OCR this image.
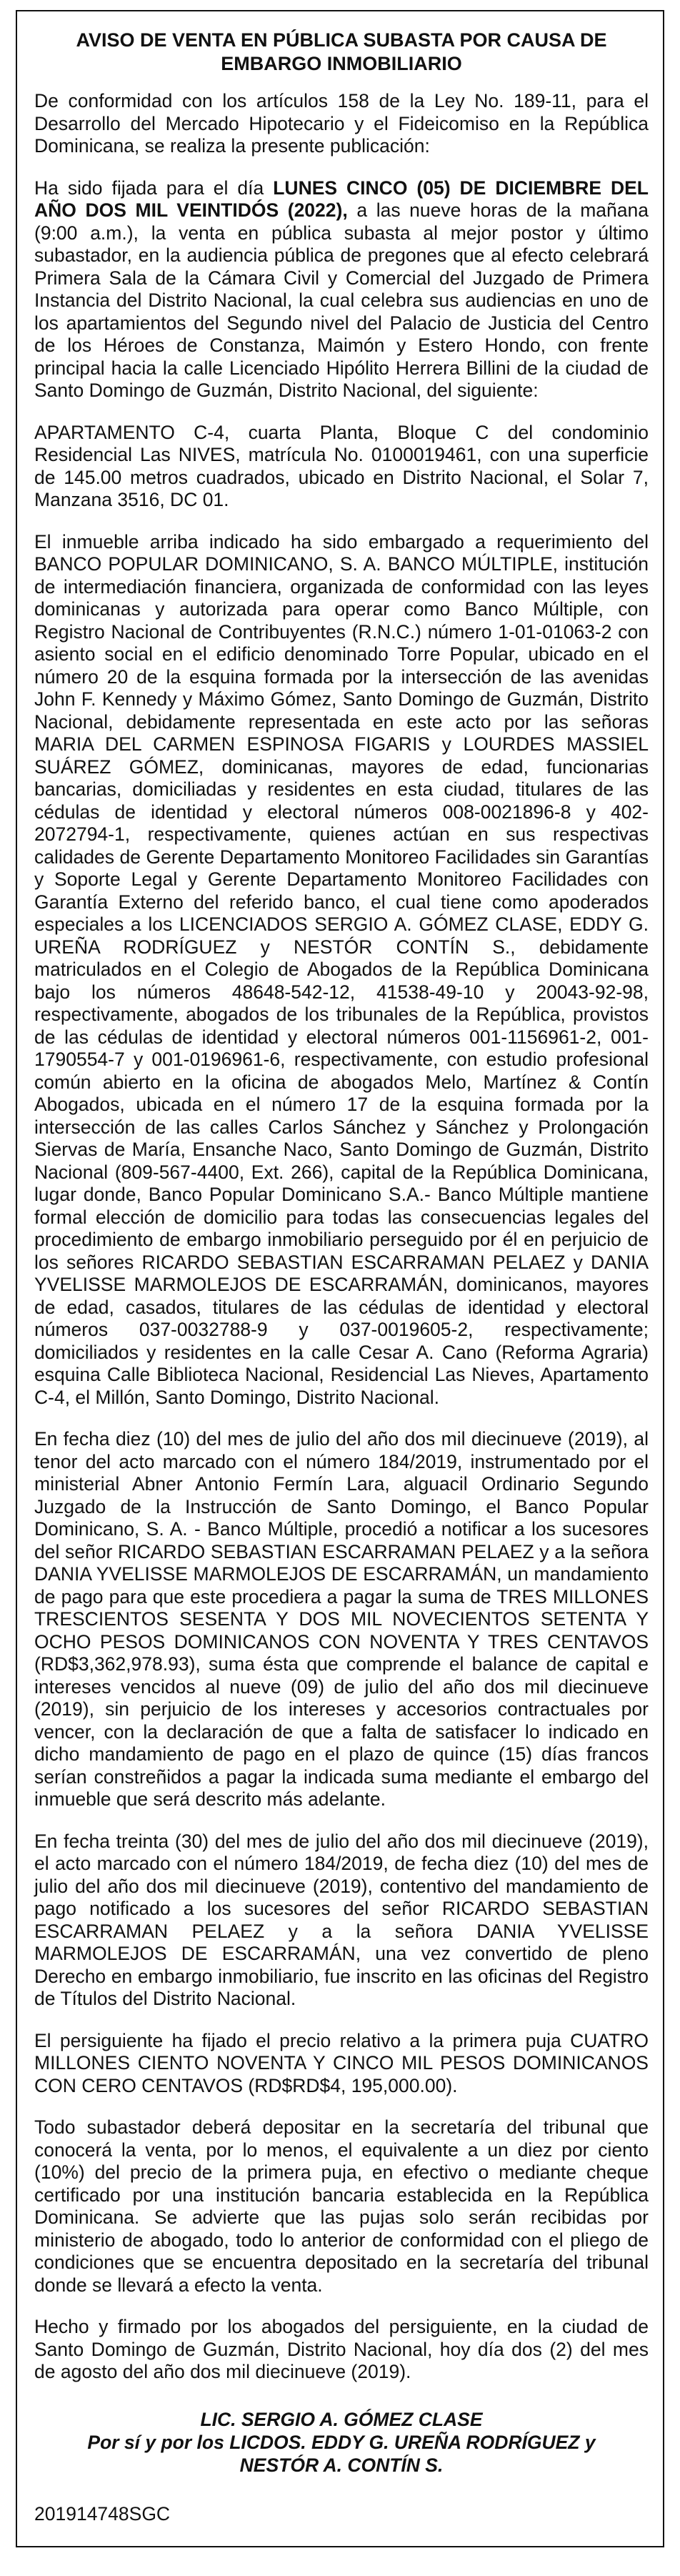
AVISO DE VENTA EN PÚBLICA SUBASTA POR CAUSA DE
EMBARGO INMOBILIARIO

De conformidad con los artículos 158 de la Ley No. 189-11, para el Desarrollo del Mercado Hipotecario y el Fideicomiso en la República Dominicana, se realiza la presente publicación:

Ha sido fijada para el día LUNES CINCO (05) DE DICIEMBRE DEL AÑO DOS MIL VEINTIDÓS (2022), a las nueve horas de la mañana (9:00 a.m.), la venta en pública subasta al mejor postor y último subastador, en la audiencia pública de pregones que al efecto celebrará Primera Sala de la Cámara Civil y Comercial del Juzgado de Primera Instancia del Distrito Nacional, la cual celebra sus audiencias en uno de los apartamientos del Segundo nivel del Palacio de Justicia del Centro de los Héroes de Constanza, Maimón y Estero Hondo, con frente principal hacia la calle Licenciado Hipólito Herrera Billini de la ciudad de Santo Domingo de Guzmán, Distrito Nacional, del siguiente:

APARTAMENTO C-4, cuarta Planta, Bloque C del condominio Residencial Las NIVES, matrícula No. 0100019461, con una superficie de 145.00 metros cuadrados, ubicado en Distrito Nacional, el Solar 7, Manzana 3516, DC 01.

El inmueble arriba indicado ha sido embargado a requerimiento del BANCO POPULAR DOMINICANO, S. A. BANCO MÚLTIPLE, institución de intermediación financiera, organizada de conformidad con las leyes dominicanas y autorizada para operar como Banco Múltiple, con Registro Nacional de Contribuyentes (R.N.C.) número 1-01-01063-2 con asiento social en el edificio denominado Torre Popular, ubicado en el número 20 de la esquina formada por la intersección de las avenidas John F. Kennedy y Máximo Gómez, Santo Domingo de Guzmán, Distrito Nacional, debidamente representada en este acto por las señoras MARIA DEL CARMEN ESPINOSA FIGARIS y LOURDES MASSIEL SUÁREZ GÓMEZ, dominicanas, mayores de edad, funcionarias bancarias, domiciliadas y residentes en esta ciudad, titulares de las cédulas de identidad y electoral números 008-0021896-8 y 402-2072794-1, respectivamente, quienes actúan en sus respectivas calidades de Gerente Departamento Monitoreo Facilidades sin Garantías y Soporte Legal y Gerente Departamento Monitoreo Facilidades con Garantía Externo del referido banco, el cual tiene como apoderados especiales a los LICENCIADOS SERGIO A. GÓMEZ CLASE, EDDY G. UREÑA RODRÍGUEZ y NESTÓR CONTÍN S., debidamente matriculados en el Colegio de Abogados de la República Dominicana bajo los números 48648-542-12, 41538-49-10 y 20043-92-98, respectivamente, abogados de los tribunales de la República, provistos de las cédulas de identidad y electoral números 001-1156961-2, 001-1790554-7 y 001-0196961-6, respectivamente, con estudio profesional común abierto en la oficina de abogados Melo, Martínez & Contín Abogados, ubicada en el número 17 de la esquina formada por la intersección de las calles Carlos Sánchez y Sánchez y Prolongación Siervas de María, Ensanche Naco, Santo Domingo de Guzmán, Distrito Nacional (809-567-4400, Ext. 266), capital de la República Dominicana, lugar donde, Banco Popular Dominicano S.A.- Banco Múltiple mantiene formal elección de domicilio para todas las consecuencias legales del procedimiento de embargo inmobiliario perseguido por él en perjuicio de los señores RICARDO SEBASTIAN ESCARRAMAN PELAEZ y DANIA YVELISSE MARMOLEJOS DE ESCARRAMÁN, dominicanos, mayores de edad, casados, titulares de las cédulas de identidad y electoral números 037-0032788-9 y 037-0019605-2, respectivamente; domiciliados y residentes en la calle Cesar A. Cano (Reforma Agraria) esquina Calle Biblioteca Nacional, Residencial Las Nieves, Apartamento C-4, el Millón, Santo Domingo, Distrito Nacional.

En fecha diez (10) del mes de julio del año dos mil diecinueve (2019), al tenor del acto marcado con el número 184/2019, instrumentado por el ministerial Abner Antonio Fermín Lara, alguacil Ordinario Segundo Juzgado de la Instrucción de Santo Domingo, el Banco Popular Dominicano, S. A. - Banco Múltiple, procedió a notificar a los sucesores del señor RICARDO SEBASTIAN ESCARRAMAN PELAEZ y a la señora DANIA YVELISSE MARMOLEJOS DE ESCARRAMÁN, un mandamiento de pago para que este procediera a pagar la suma de TRES MILLONES TRESCIENTOS SESENTA Y DOS MIL NOVECIENTOS SETENTA Y OCHO PESOS DOMINICANOS CON NOVENTA Y TRES CENTAVOS (RD$3,362,978.93), suma ésta que comprende el balance de capital e intereses vencidos al nueve (09) de julio del año dos mil diecinueve (2019), sin perjuicio de los intereses y accesorios contractuales por vencer, con la declaración de que a falta de satisfacer lo indicado en dicho mandamiento de pago en el plazo de quince (15) días francos serían constreñidos a pagar la indicada suma mediante el embargo del inmueble que será descrito más adelante.

En fecha treinta (30) del mes de julio del año dos mil diecinueve (2019), el acto marcado con el número 184/2019, de fecha diez (10) del mes de julio del año dos mil diecinueve (2019), contentivo del mandamiento de pago notificado a los sucesores del señor RICARDO SEBASTIAN ESCARRAMAN PELAEZ y a la señora DANIA YVELISSE MARMOLEJOS DE ESCARRAMÁN, una vez convertido de pleno Derecho en embargo inmobiliario, fue inscrito en las oficinas del Registro de Títulos del Distrito Nacional.

El persiguiente ha fijado el precio relativo a la primera puja CUATRO MILLONES CIENTO NOVENTA Y CINCO MIL PESOS DOMINICANOS CON CERO CENTAVOS (RD$RD$4, 195,000.00).

Todo subastador deberá depositar en la secretaría del tribunal que conocerá la venta, por lo menos, el equivalente a un diez por ciento (10%) del precio de la primera puja, en efectivo o mediante cheque certificado por una institución bancaria establecida en la República Dominicana. Se advierte que las pujas solo serán recibidas por ministerio de abogado, todo lo anterior de conformidad con el pliego de condiciones que se encuentra depositado en la secretaría del tribunal donde se llevará a efecto la venta.

Hecho y firmado por los abogados del persiguiente, en la ciudad de Santo Domingo de Guzmán, Distrito Nacional, hoy día dos (2) del mes de agosto del año dos mil diecinueve (2019).

LIC. SERGIO A. GÓMEZ CLASE
Por sí y por los LICDOS. EDDY G. UREÑA RODRÍGUEZ y
NESTÓR A. CONTÍN S.

201914748SGC
